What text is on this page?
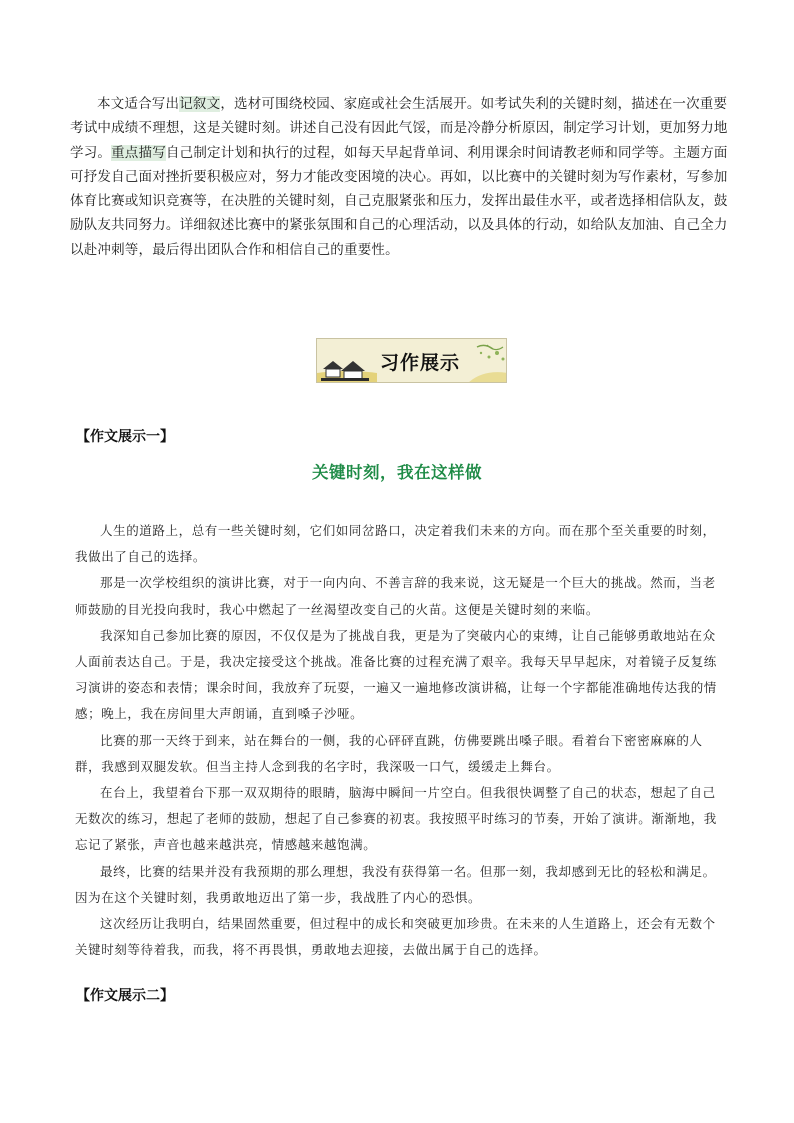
本文适合写出记叙文，选材可围绕校园、家庭或社会生活展开。如考试失利的关键时刻，描述在一次重要考试中成绩不理想，这是关键时刻。讲述自己没有因此气馁，而是冷静分析原因，制定学习计划，更加努力地学习。重点描写自己制定计划和执行的过程，如每天早起背单词、利用课余时间请教老师和同学等。主题方面可抒发自己面对挫折要积极应对，努力才能改变困境的决心。再如，以比赛中的关键时刻为写作素材，写参加体育比赛或知识竞赛等，在决胜的关键时刻，自己克服紧张和压力，发挥出最佳水平，或者选择相信队友，鼓励队友共同努力。详细叙述比赛中的紧张氛围和自己的心理活动，以及具体的行动，如给队友加油、自己全力以赴冲刺等，最后得出团队合作和相信自己的重要性。
习作展示
【作文展示一】
关键时刻，我在这样做

人生的道路上，总有一些关键时刻，它们如同岔路口，决定着我们未来的方向。而在那个至关重要的时刻，我做出了自己的选择。

那是一次学校组织的演讲比赛，对于一向内向、不善言辞的我来说，这无疑是一个巨大的挑战。然而，当老师鼓励的目光投向我时，我心中燃起了一丝渴望改变自己的火苗。这便是关键时刻的来临。

我深知自己参加比赛的原因，不仅仅是为了挑战自我，更是为了突破内心的束缚，让自己能够勇敢地站在众人面前表达自己。于是，我决定接受这个挑战。准备比赛的过程充满了艰辛。我每天早早起床，对着镜子反复练习演讲的姿态和表情；课余时间，我放弃了玩耍，一遍又一遍地修改演讲稿，让每一个字都能准确地传达我的情感；晚上，我在房间里大声朗诵，直到嗓子沙哑。

比赛的那一天终于到来，站在舞台的一侧，我的心砰砰直跳，仿佛要跳出嗓子眼。看着台下密密麻麻的人群，我感到双腿发软。但当主持人念到我的名字时，我深吸一口气，缓缓走上舞台。

在台上，我望着台下那一双双期待的眼睛，脑海中瞬间一片空白。但我很快调整了自己的状态，想起了自己无数次的练习，想起了老师的鼓励，想起了自己参赛的初衷。我按照平时练习的节奏，开始了演讲。渐渐地，我忘记了紧张，声音也越来越洪亮，情感越来越饱满。

最终，比赛的结果并没有我预期的那么理想，我没有获得第一名。但那一刻，我却感到无比的轻松和满足。因为在这个关键时刻，我勇敢地迈出了第一步，我战胜了内心的恐惧。

这次经历让我明白，结果固然重要，但过程中的成长和突破更加珍贵。在未来的人生道路上，还会有无数个关键时刻等待着我，而我，将不再畏惧，勇敢地去迎接，去做出属于自己的选择。

【作文展示二】
